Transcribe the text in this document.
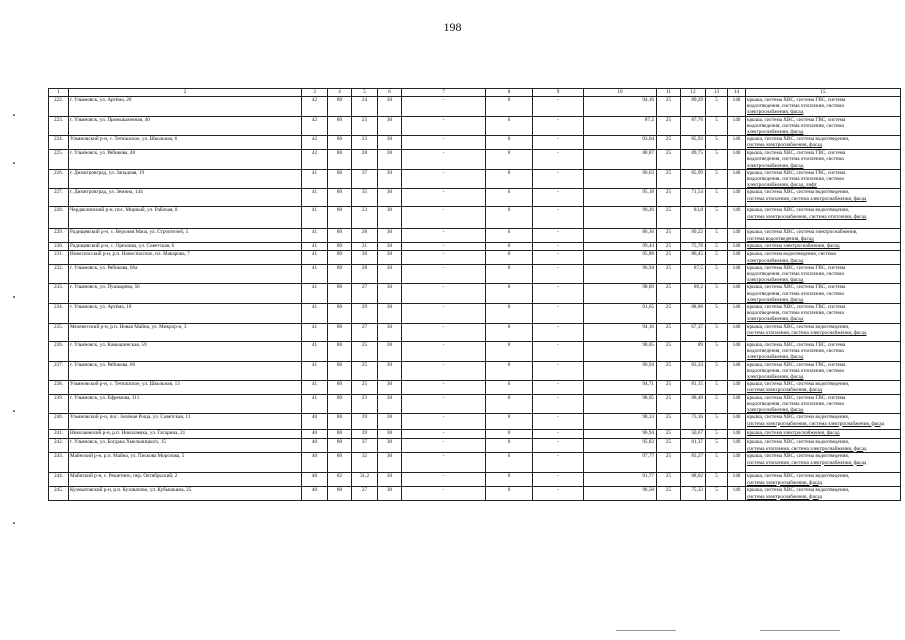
198
1	2	3	4	5	6	7	8	9	10	11	12	13	14	15
222.	г. Ульяновск, ул. Артёма, 20	42	80	24	30	-	0	-	94,16	25	89,29	5	140	крыша, система ХВС, система ГВС, система
водоотведения, система отопления, система
электроснабжения, фасад

223.	г. Ульяновск, ул. Промышленная, 40	42	80	23	30	-	0	-	87,2	25	87,76	5	140	крыша, система ХВС, система ГВС, система
водоотведения, система отопления, система
электроснабжения, фасад

224.	Ульяновский р-н, с. Тетюшское, ул. Школьная, 6	42	80	23	30	-	0	-	93,04	25	85,93	5	140	крыша, система ХВС, система водоотведения,
система электроснабжения, фасад

225.	г. Ульяновск, ул. Рябикова, 48	42	80	28	30	-	0	-	88,87	25	89,75	5	140	крыша, система ХВС, система ГВС, система
водоотведения, система отопления, система
электроснабжения, фасад

226.	г. Димитровград, ул. Западная, 19	41	80	37	30	-	0	-	96,63	25	85,99	5	140	крыша, система ХВС, система ГВС, система
водоотведения, система отопления, система
электроснабжения, фасад, лифт

227.	г. Димитровград, ул. Земина, 144	41	80	35	30	-	0	-	95,18	25	71,54	5	140	крыша, система ХВС, система водоотведения,
система отопления, система электроснабжения, фасад

228.	Чердаклинский р-н, пос. Мирный, ул. Рабочая, 8	41	80	23	30	-	0	-	90,26	25	83,8	5	140	крыша, система ХВС, система водоотведения,
система электроснабжения, система отопления, фасад

229.	Радищевский р-н, с. Верхняя Мача, ул. Строителей, 5	41	80	28	30	-	0	-	86,36	25	89,22	5	140	крыша, система ХВС, система электроснабжения,
система водоотведения, фасад

230.	Радищевский р-н, с. Ореховка, ул. Советская, 6	41	80	31	30	-	0	-	99,44	25	75,78	5	140	крыша, система электроснабжения, фасад

231.	Новоспасский р-н, р.п. Новоспасское, пл. Макарова, 7	41	80	30	30	-	0	-	95,88	25	86,45	5	140	крыша, система водоотведения, система
электроснабжения, фасад

232.	г. Ульяновск, ул. Рябикова, 66а	41	80	28	30	-	0	-	96,94	25	87,5	5	140	крыша, система ХВС, система ГВС, система
водоотведения, система отопления, система
электроснабжения, фасад

233.	г. Ульяновск, ул. Пушкарёва, 56	41	80	27	30	-	0	-	98,89	25	89,2	5	140	крыша, система ХВС, система ГВС, система
водоотведения, система отопления, система
электроснабжения, фасад

234.	г. Ульяновск, ул. Артёма, 18	41	80	29	30	-	0	-	91,65	25	88,88	5	140	крыша, система ХВС, система ГВС, система
водоотведения, система отопления, система
электроснабжения, фасад

235.	Мелекесский р-н, р.п. Новая Майна, ул. Микрор-н, 3	41	80	27	30	-	0	-	94,16	25	67,37	5	140	крыша, система ХВС, система водоотведения,
система отопления, система электроснабжения, фасад

236.	г. Ульяновск, ул. Камышинская, 59	41	80	25	30	-	0	-	98,05	25	89	5	140	крыша, система ХВС, система ГВС, система
водоотведения, система отопления, система
электроснабжения, фасад

237.	г. Ульяновск, ул. Рябикова, 66	41	80	25	30	-	0	-	96,94	25	83,33	5	140	крыша, система ХВС, система ГВС, система
водоотведения, система отопления, система
электроснабжения, фасад

238.	Ульяновский р-н, с. Тетюшское, ул. Школьная, 13	41	80	25	30	-	0	-	94,71	25	81,15	5	140	крыша, система ХВС, система водоотведения,
система электроснабжения, фасад

239.	г. Ульяновск, ул. Ефремова, 111	41	80	23	30	-	0	-	98,05	25	88,48	5	140	крыша, система ХВС, система ГВС, система
водоотведения, система отопления, система
электроснабжения, фасад

240.	Ульяновский р-н, пос. Зелёная Роща, ул. Советская, 11	40	80	39	30	-	0	-	98,33	25	73,36	5	140	крыша, система ХВС, система водоотведения,
система электроснабжения, система электроснабжения, фасад

241.	Николаевский р-н, р.п. Николаевка, ул. Гагарина, 21	40	80	39	30	-	0	-	96,94	25	50,67	5	140	крыша, система электроснабжения, фасад

242.	г. Ульяновск, ул. Богдана Хмельницкого, 15	40	80	37	30	-	0	-	95,83	25	81,37	5	140	крыша, система ХВС, система водоотведения,
система отопления, система электроснабжения, фасад

243.	Майнский р-н, р.п. Майна, ул. Пискова Морозова, 5	40	80	32	30	-	0	-	97,77	25	83,27	5	140	крыша, система ХВС, система водоотведения,
система отопления, система электроснабжения, фасад

244.	Майнский р-н, с. Решетино, пер. Октябрьский, 2	40	82	31,2	30	-	0	-	91,77	25	88,02	5	140	крыша, система ХВС, система водоотведения,
система электроснабжения, фасад

245.	Кузоватовский р-н, р.п. Кузоватово, ул. Кубышкина, 25	40	80	27	30	-	0	-	96,58	25	75,33	5	140	крыша, система ХВС, система водоотведения,
система электроснабжения, фасад
